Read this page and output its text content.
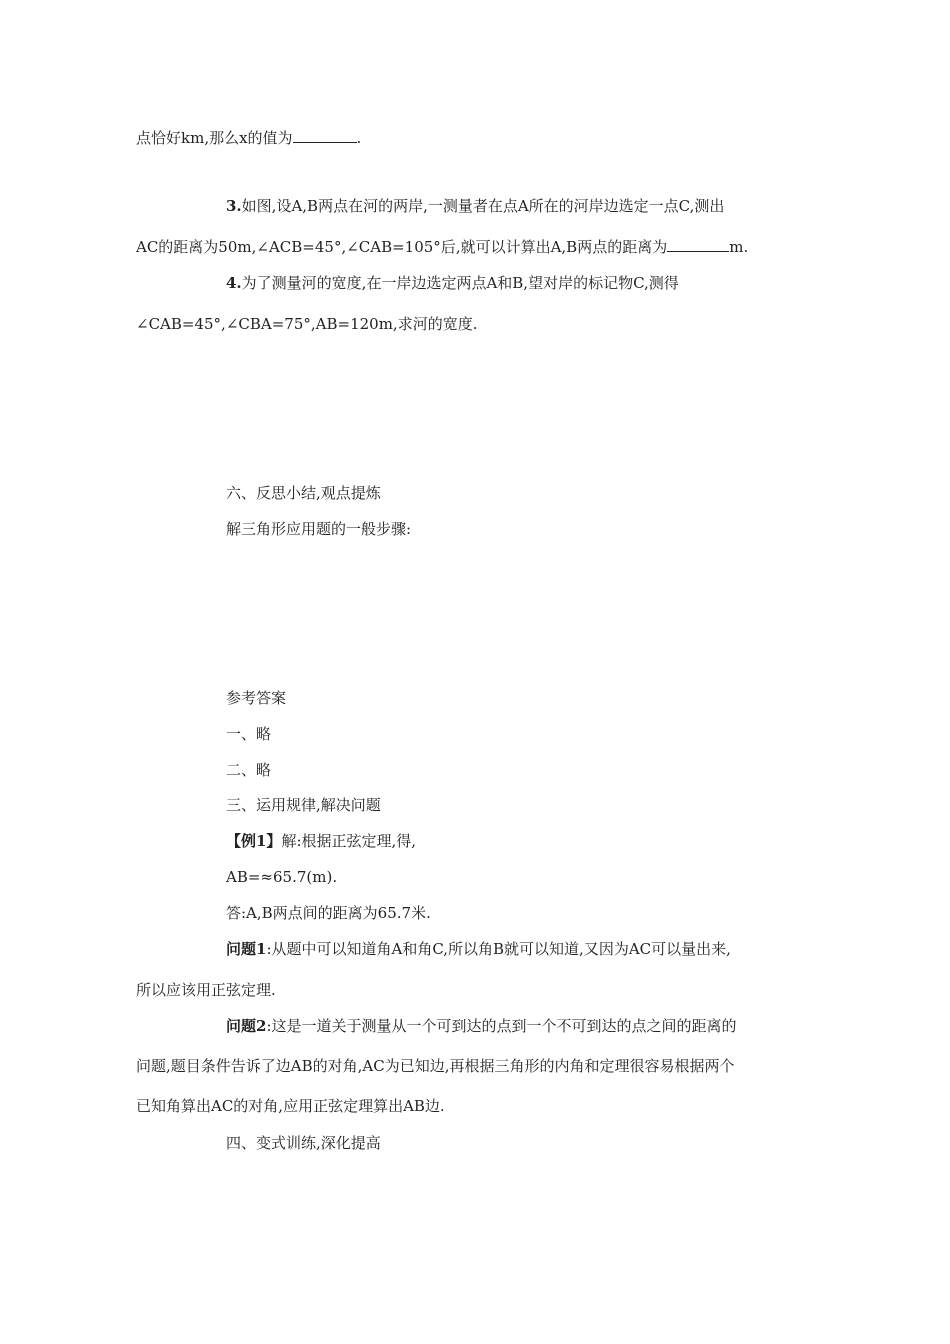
点恰好km,那么x的值为	.
3.如图,设A,B两点在河的两岸,一测量者在点A所在的河岸边选定一点C,测出
AC的距离为50m,∠ACB=45°,∠CAB=105°后,就可以计算出A,B两点的距离为	m.
4.为了测量河的宽度,在一岸边选定两点A和B,望对岸的标记物C,测得
∠CAB=45°,∠CBA=75°,AB=120m,求河的宽度.
六、反思小结,观点提炼
解三角形应用题的一般步骤:
参考答案
一、略
二、略
三、运用规律,解决问题
【例1】解:根据正弦定理,得,
AB=≈65.7(m).
答:A,B两点间的距离为65.7米.
问题1:从题中可以知道角A和角C,所以角B就可以知道,又因为AC可以量出来,
所以应该用正弦定理.
问题2:这是一道关于测量从一个可到达的点到一个不可到达的点之间的距离的
问题,题目条件告诉了边AB的对角,AC为已知边,再根据三角形的内角和定理很容易根据两个
已知角算出AC的对角,应用正弦定理算出AB边.
四、变式训练,深化提高
